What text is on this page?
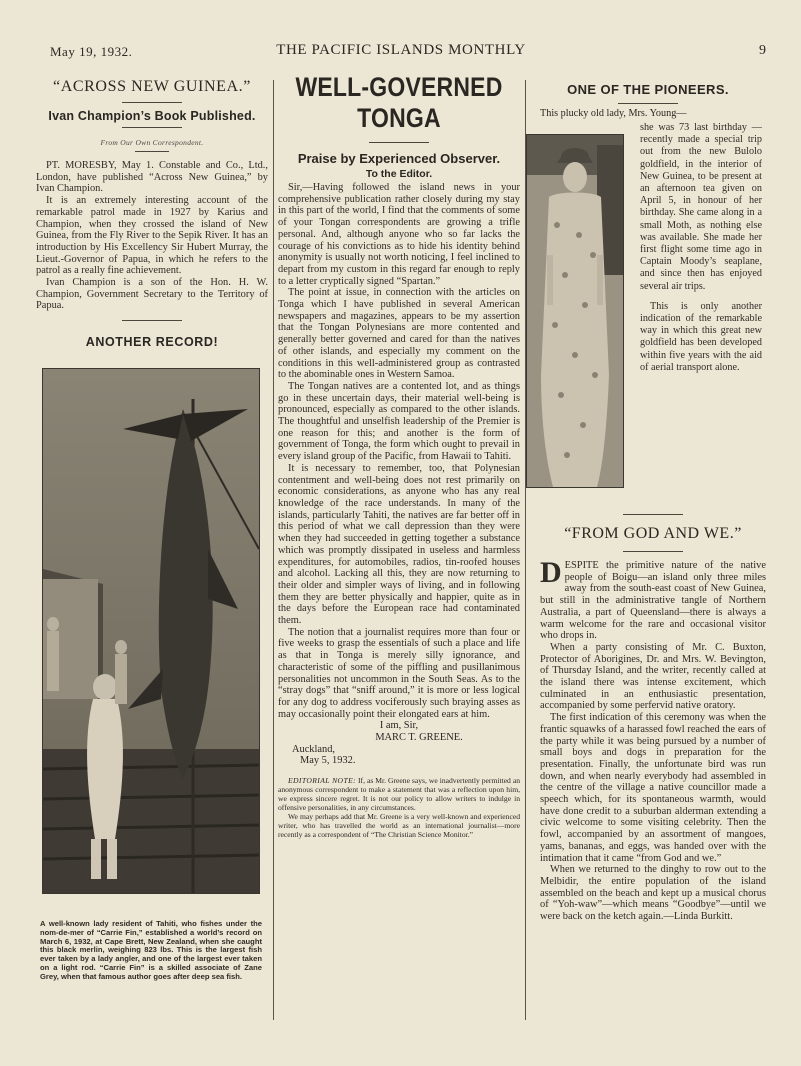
May 19, 1932.	THE PACIFIC ISLANDS MONTHLY	9
“ACROSS NEW GUINEA.”
Ivan Champion’s Book Published.
From Our Own Correspondent.

PT. MORESBY, May 1. Constable and Co., Ltd., London, have published “Across New Guinea,” by Ivan Champion.

It is an extremely interesting account of the remarkable patrol made in 1927 by Karius and Champion, when they crossed the island of New Guinea, from the Fly River to the Sepik River. It has an introduction by His Excellency Sir Hubert Murray, the Lieut.-Governor of Papua, in which he refers to the patrol as a really fine achievement.

Ivan Champion is a son of the Hon. H. W. Champion, Government Secretary to the Territory of Papua.

ANOTHER RECORD!
A well-known lady resident of Tahiti, who fishes under the nom-de-mer of “Carrie Fin,” established a world’s record on March 6, 1932, at Cape Brett, New Zealand, when she caught this black merlin, weighing 823 lbs. This is the largest fish ever taken by a lady angler, and one of the largest ever taken on a light rod. “Carrie Fin” is a skilled associate of Zane Grey, when that famous author goes after deep sea fish.
WELL-GOVERNED TONGA
Praise by Experienced Observer.
To the Editor.

Sir,—Having followed the island news in your comprehensive publication rather closely during my stay in this part of the world, I find that the comments of some of your Tongan correspondents are growing a trifle personal. And, although anyone who so far lacks the courage of his convictions as to hide his identity behind anonymity is usually not worth noticing, I feel inclined to depart from my custom in this regard far enough to reply to a letter cryptically signed “Spartan.”

The point at issue, in connection with the articles on Tonga which I have published in several American newspapers and magazines, appears to be my assertion that the Tongan Polynesians are more contented and generally better governed and cared for than the natives of other islands, and especially my comment on the conditions in this well-administered group as contrasted to the abominable ones in Western Samoa.

The Tongan natives are a contented lot, and as things go in these uncertain days, their material well-being is pronounced, especially as compared to the other islands. The thoughtful and unselfish leadership of the Premier is one reason for this; and another is the form of government of Tonga, the form which ought to prevail in every island group of the Pacific, from Hawaii to Tahiti.

It is necessary to remember, too, that Polynesian contentment and well-being does not rest primarily on economic considerations, as anyone who has any real knowledge of the race understands. In many of the islands, particularly Tahiti, the natives are far better off in this period of what we call depression than they were when they had succeeded in getting together a substance which was promptly dissipated in useless and harmless expenditures, for automobiles, radios, tin-roofed houses and alcohol. Lacking all this, they are now returning to their older and simpler ways of living, and in following them they are better physically and happier, quite as in the days before the European race had contaminated them.

The notion that a journalist requires more than four or five weeks to grasp the essentials of such a place and life as that in Tonga is merely silly ignorance, and characteristic of some of the piffling and pusillanimous personalities not uncommon in the South Seas. As to the “stray dogs” that “sniff around,” it is more or less logical for any dog to address vociferously such braying asses as may occasionally point their elongated ears at him.

I am, Sir,
MARC T. GREENE.
Auckland,
May 5, 1932.
EDITORIAL NOTE: If, as Mr. Greene says, we inadvertently permitted an anonymous correspondent to make a statement that was a reflection upon him, we express sincere regret. It is not our policy to allow writers to indulge in offensive personalities, in any circumstances.
We may perhaps add that Mr. Greene is a very well-known and experienced writer, who has travelled the world as an international journalist—more recently as a correspondent of “The Christian Science Monitor.”
ONE OF THE PIONEERS.
This plucky old lady, Mrs. Young—

she was 73 last birthday — recently made a special trip out from the new Bulolo goldfield, in the interior of New Guinea, to be present at an afternoon tea given on April 5, in honour of her birthday. She came along in a small Moth, as nothing else was available. She made her first flight some time ago in Captain Moody’s seaplane, and since then has enjoyed several air trips.

This is only another indication of the remarkable way in which this great new goldfield has been developed within five years with the aid of aerial transport alone.

“FROM GOD AND WE.”

DESPITE the primitive nature of the native people of Boigu—an island only three miles away from the south-east coast of New Guinea, but still in the administrative tangle of Northern Australia, a part of Queensland—there is always a warm welcome for the rare and occasional visitor who drops in.

When a party consisting of Mr. C. Buxton, Protector of Aborigines, Dr. and Mrs. W. Bevington, of Thursday Island, and the writer, recently called at the island there was intense excitement, which culminated in an enthusiastic presentation, accompanied by some perfervid native oratory.

The first indication of this ceremony was when the frantic squawks of a harassed fowl reached the ears of the party while it was being pursued by a number of small boys and dogs in preparation for the presentation. Finally, the unfortunate bird was run down, and when nearly everybody had assembled in the centre of the village a native councillor made a speech which, for its spontaneous warmth, would have done credit to a suburban alderman extending a civic welcome to some visiting celebrity. Then the fowl, accompanied by an assortment of mangoes, yams, bananas, and eggs, was handed over with the intimation that it came “from God and we.”

When we returned to the dinghy to row out to the Melbidir, the entire population of the island assembled on the beach and kept up a musical chorus of “Yoh-waw”—which means “Goodbye”—until we were back on the ketch again.—Linda Burkitt.
